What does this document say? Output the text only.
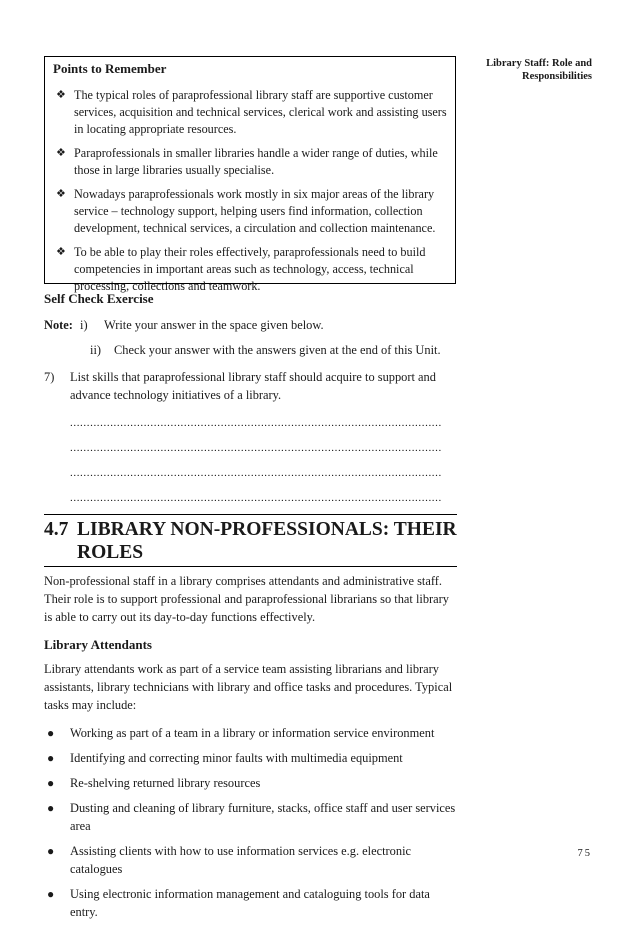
Library Staff: Role and
Responsibilities

Points to Remember

❖ The typical roles of paraprofessional library staff are supportive customer services, acquisition and technical services, clerical work and assisting users in locating appropriate resources.
❖ Paraprofessionals in smaller libraries handle a wider range of duties, while those in large libraries usually specialise.
❖ Nowadays paraprofessionals work mostly in six major areas of the library service – technology support, helping users find information, collection development, technical services, a circulation and collection maintenance.
❖ To be able to play their roles effectively, paraprofessionals need to build competencies in important areas such as technology, access, technical processing, collections and teamwork.

Self Check Exercise

Note: i)	Write your answer in the space given below.
ii)	Check your answer with the answers given at the end of this Unit.
7)	List skills that paraprofessional library staff should acquire to support and advance technology initiatives of a library.
...............................................................................................................
...............................................................................................................
...............................................................................................................
...............................................................................................................

4.7 LIBRARY NON-PROFESSIONALS: THEIR
ROLES

Non-professional staff in a library comprises attendants and administrative staff. Their role is to support professional and paraprofessional librarians so that library is able to carry out its day-to-day functions effectively.

Library Attendants

Library attendants work as part of a service team assisting librarians and library assistants, library technicians with library and office tasks and procedures. Typical tasks may include:

● Working as part of a team in a library or information service environment
● Identifying and correcting minor faults with multimedia equipment
● Re-shelving returned library resources
● Dusting and cleaning of library furniture, stacks, office staff and user services area
● Assisting clients with how to use information services e.g. electronic catalogues
● Using electronic information management and cataloguing tools for data entry.
75
